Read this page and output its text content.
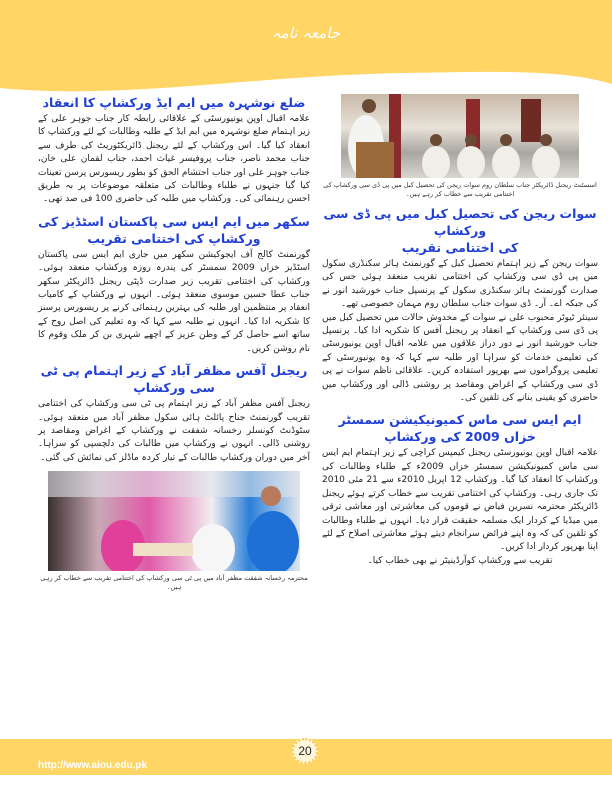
جامعہ نامہ
ضلع نوشہرہ میں ایم ایڈ ورکشاپ کا انعقاد

علامہ اقبال اوپن یونیورسٹی کے علاقائی رابطہ کار جناب جوہر علی کے زیر اہتمام ضلع نوشہرہ میں ایم ایڈ کے طلبہ وطالبات کے لئے ورکشاپ کا انعقاد کیا گیا۔ اس ورکشاپ کے لئے ریجنل ڈائریکٹوریٹ کی طرف سے جناب محمد ناصر، جناب پروفیسر غیاث احمد، جناب لقمان علی خان، جناب جوہر علی اور جناب احتشام الحق کو بطور ریسورس پرسن تعینات کیا گیا جنہوں نے طلباء وطالبات کی متعلقہ موضوعات پر بہ طریق احسن رہنمائی کی۔ ورکشاپ میں طلبہ کی حاضری 100 فی صد تھی۔

سکھر میں ایم ایس سی پاکستان اسٹڈیز کی ورکشاپ کی اختتامی تقریب

گورنمنٹ کالج آف ایجوکیشن سکھر میں جاری ایم ایس سی پاکستان اسٹڈیز خزاں 2009 سمسٹر کی پندرہ روزہ ورکشاپ منعقد ہوئی۔ ورکشاپ کی اختتامی تقریب زیر صدارت ڈپٹی ریجنل ڈائریکٹر سکھر جناب عطا حسین موسوی منعقد ہوئی۔ انہوں نے ورکشاپ کے کامیاب انعقاد پر منتظمین اور طلبہ کی بہترین رہنمائی کرنے پر ریسورس پرسنز کا شکریہ ادا کیا۔ انہوں نے طلبہ سے کہا کہ وہ تعلیم کی اصل روح کے ساتھ اسے حاصل کر کے وطن عزیز کے اچھے شہری بن کر ملک وقوم کا نام روشن کریں۔

ریجنل آفس مظفر آباد کے زیر اہتمام پی ٹی سی ورکشاپ

ریجنل آفس مظفر آباد کے زیر اہتمام پی ٹی سی ورکشاپ کی اختتامی تقریب گورنمنٹ جناح پائلٹ ہائی سکول مظفر آباد میں منعقد ہوئی۔ سٹوڈنٹ کونسلر رخسانہ شفقت نے ورکشاپ کے اغراض ومقاصد پر روشنی ڈالی۔ انہوں نے ورکشاپ میں طالبات کی دلچسپی کو سراہا۔ آخر میں دوران ورکشاپ طالبات کے تیار کردہ ماڈلز کی نمائش کی گئی۔

محترمہ رخسانہ شفقت مظفر آباد میں پی ٹی سی ورکشاپ کی اختتامی تقریب سے خطاب کر رہی ہیں۔
اسسٹنٹ ریجنل ڈائریکٹر جناب سلطان روم سوات ریجن کی تحصیل کبل میں پی ڈی سی ورکشاپ کی اختتامی تقریب سے خطاب کر رہے ہیں۔
سوات ریجن کی تحصیل کبل میں پی ڈی سی ورکشاپ
کی اختتامی تقریب

سوات ریجن کے زیر اہتمام تحصیل کبل کے گورنمنٹ ہائر سکنڈری سکول میں پی ڈی سی ورکشاپ کی اختتامی تقریب منعقد ہوئی جس کی صدارت گورنمنٹ ہائر سکنڈری سکول کے پرنسپل جناب خورشید انور نے کی جبکہ اے۔ آر۔ ڈی سوات جناب سلطان روم مہمان خصوصی تھے۔

سینئر ٹیوٹر محبوب علی نے سوات کے مخدوش حالات میں تحصیل کبل میں پی ڈی سی ورکشاپ کے انعقاد پر ریجنل آفس کا شکریہ ادا کیا۔ پرنسپل جناب خورشید انور نے دور دراز علاقوں میں علامہ اقبال اوپن یونیورسٹی کی تعلیمی خدمات کو سراہا اور طلبہ سے کہا کہ وہ یونیورسٹی کے تعلیمی پروگراموں سے بھرپور استفادہ کریں۔ علاقائی ناظم سوات نے پی ڈی سی ورکشاپ کے اغراض ومقاصد پر روشنی ڈالی اور ورکشاپ میں حاضری کو یقینی بنانے کی تلقین کی۔

ایم ایس سی ماس کمیونیکیشن سمسٹر خزاں 2009 کی ورکشاپ

علامہ اقبال اوپن یونیورسٹی ریجنل کیمپس کراچی کے زیر اہتمام ایم ایس سی ماس کمیونیکیشن سمسٹر خزاں 2009ء کے طلباء وطالبات کی ورکشاپ کا انعقاد کیا گیا۔ ورکشاپ 12 اپریل 2010ء سے 21 مئی 2010 تک جاری رہی۔ ورکشاپ کی اختتامی تقریب سے خطاب کرتے ہوئے ریجنل ڈائریکٹر محترمہ نسرین فیاض نے قوموں کی معاشرتی اور معاشی ترقی میں میڈیا کے کردار ایک مسلمہ حقیقت قرار دیا۔ انہوں نے طلباء وطالبات کو تلقین کی کہ وہ اپنے فرائض سرانجام دیتے ہوئے معاشرتی اصلاح کے لئے اپنا بھرپور کردار ادا کریں۔

تقریب سے ورکشاپ کوآرڈینیٹر نے بھی خطاب کیا۔

20
http://www.aiou.edu.pk
